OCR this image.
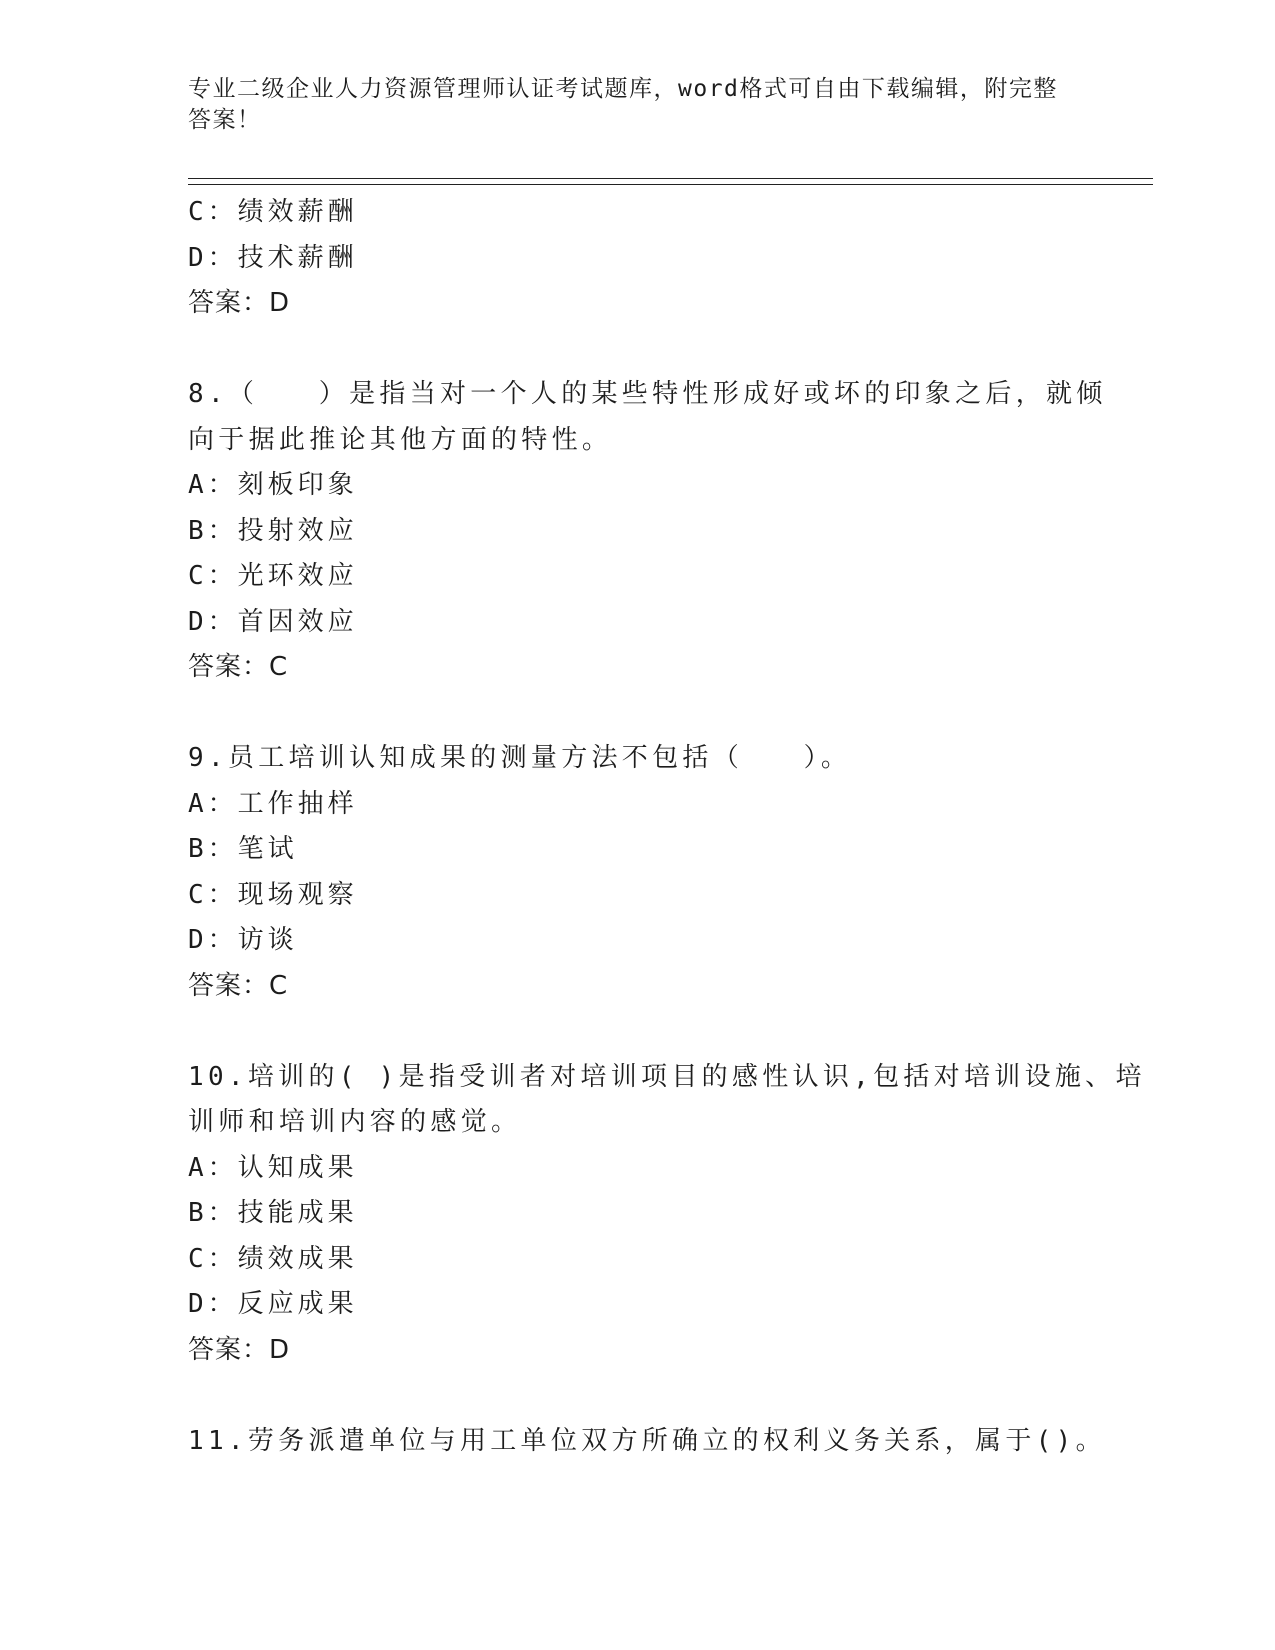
专业二级企业人力资源管理师认证考试题库，word格式可自由下载编辑，附完整
答案！
C：绩效薪酬
D：技术薪酬
答案：D
8.（　　）是指当对一个人的某些特性形成好或坏的印象之后，就倾
向于据此推论其他方面的特性。
A：刻板印象
B：投射效应
C：光环效应
D：首因效应
答案：C
9.员工培训认知成果的测量方法不包括（　　）。
A：工作抽样
B：笔试
C：现场观察
D：访谈
答案：C
10.培训的( )是指受训者对培训项目的感性认识,包括对培训设施、培
训师和培训内容的感觉。
A：认知成果
B：技能成果
C：绩效成果
D：反应成果
答案：D
11.劳务派遣单位与用工单位双方所确立的权利义务关系，属于()。
